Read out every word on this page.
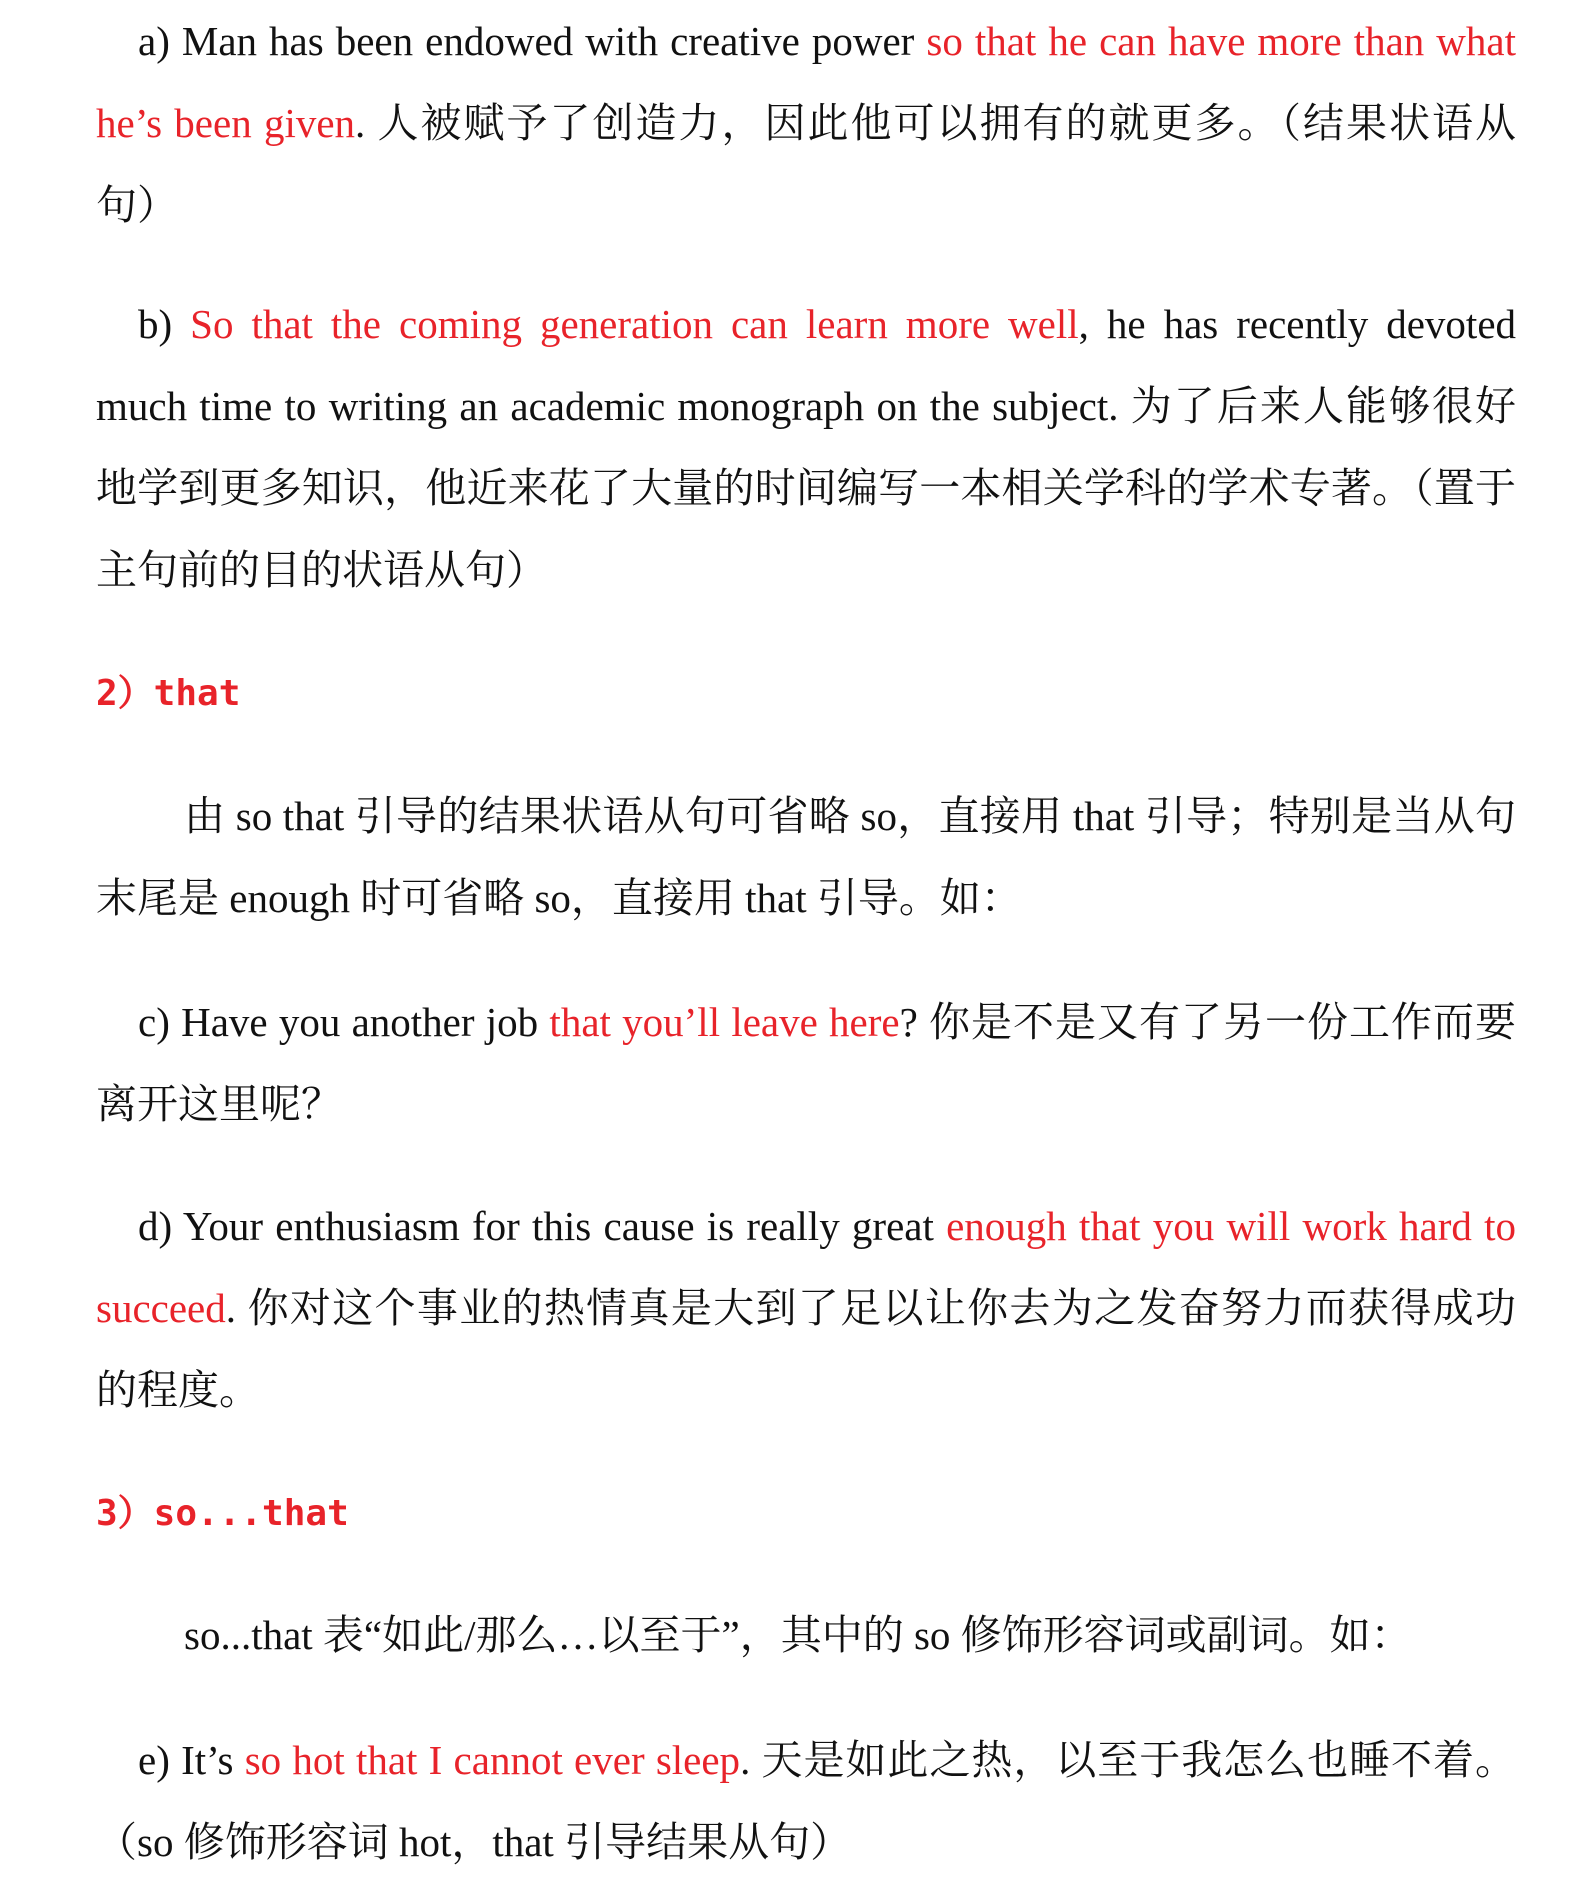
a) Man has been endowed with creative power so that he can have more than what he’s been given. 人被赋予了创造力，因此他可以拥有的就更多。（结果状语从句）

b) So that the coming generation can learn more well, he has recently devoted much time to writing an academic monograph on the subject. 为了后来人能够很好地学到更多知识，他近来花了大量的时间编写一本相关学科的学术专著。（置于主句前的目的状语从句）

2）that

由 so that 引导的结果状语从句可省略 so，直接用 that 引导；特别是当从句末尾是 enough 时可省略 so，直接用 that 引导。如：

c) Have you another job that you’ll leave here? 你是不是又有了另一份工作而要离开这里呢？

d) Your enthusiasm for this cause is really great enough that you will work hard to succeed. 你对这个事业的热情真是大到了足以让你去为之发奋努力而获得成功的程度。

3）so...that

so...that 表“如此/那么…以至于”，其中的 so 修饰形容词或副词。如：

e) It’s so hot that I cannot ever sleep. 天是如此之热，以至于我怎么也睡不着。（so 修饰形容词 hot，that 引导结果从句）
